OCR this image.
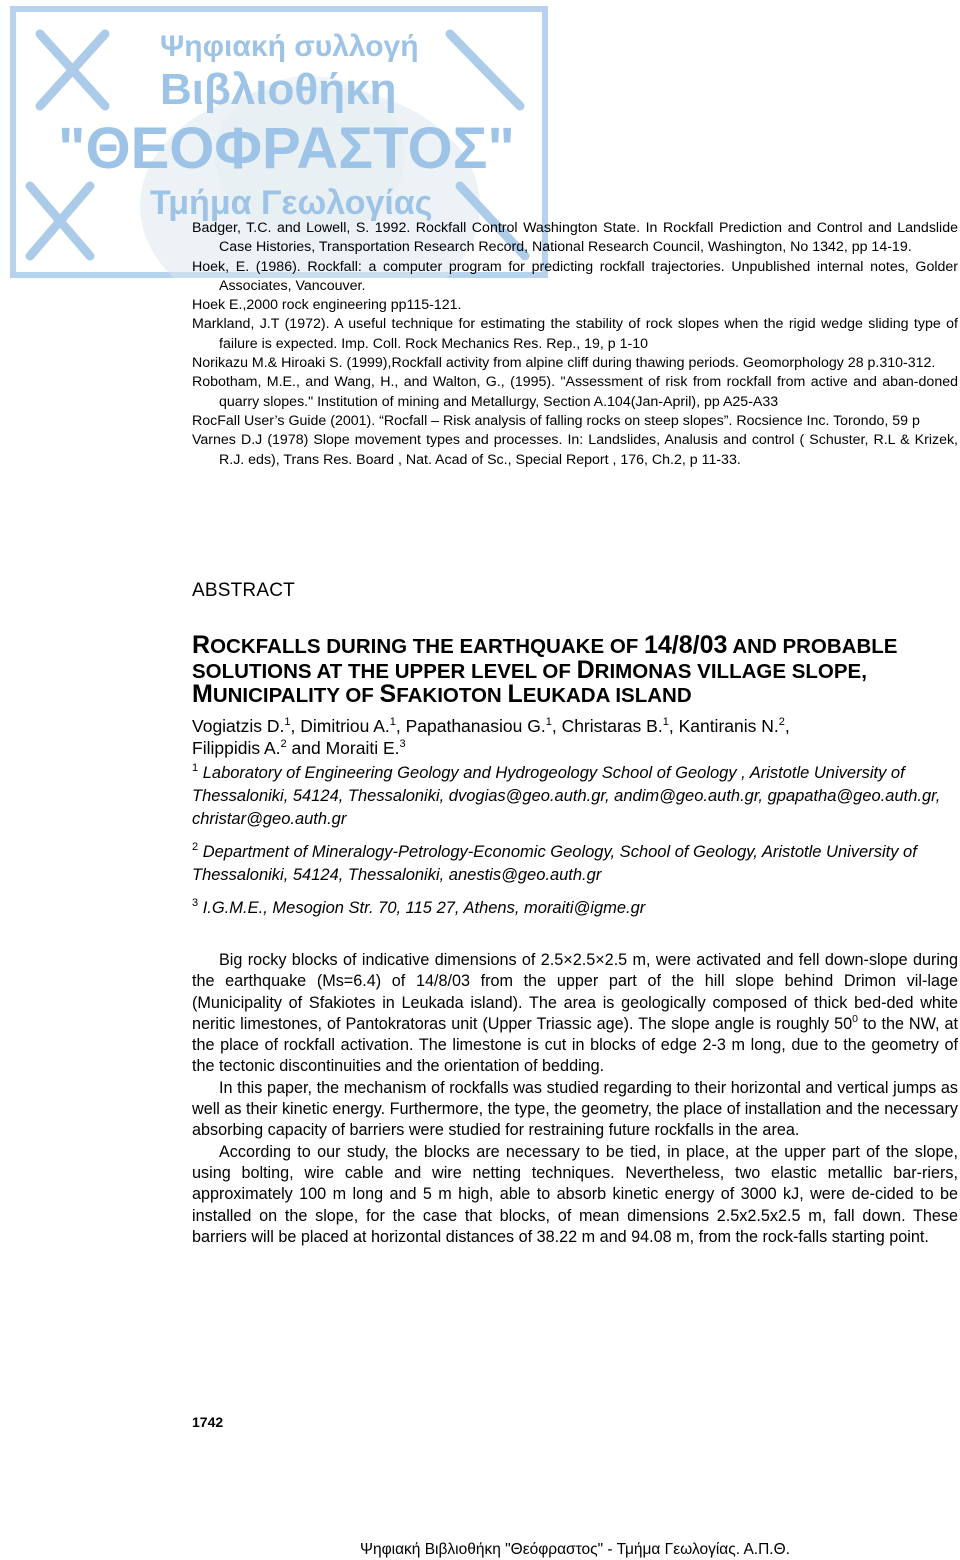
Ψηφιακή συλλογή
Βιβλιοθήκη
"ΘΕΟΦΡΑΣΤΟΣ"
Τμήμα Γεωλογίας

Badger, T.C. and Lowell, S. 1992. Rockfall Control Washington State. In Rockfall Prediction and Control and Landslide Case Histories, Transportation Research Record, National Research Council, Washington, No 1342, pp 14-19.

Hoek, E. (1986). Rockfall: a computer program for predicting rockfall trajectories. Unpublished internal notes, Golder Associates, Vancouver.

Hoek E.,2000 rock engineering pp115-121.

Markland, J.T (1972). A useful technique for estimating the stability of rock slopes when the rigid wedge sliding type of failure is expected. Imp. Coll. Rock Mechanics Res. Rep., 19, p 1-10

Norikazu M.& Hiroaki S. (1999),Rockfall activity from alpine cliff during thawing periods. Geomorphology 28 p.310-312.

Robotham, M.E., and Wang, H., and Walton, G., (1995). "Assessment of risk from rockfall from active and aban-doned quarry slopes." Institution of mining and Metallurgy, Section A.104(Jan-April), pp A25-A33

RocFall User’s Guide (2001). “Rocfall – Risk analysis of falling rocks on steep slopes”. Rocsience Inc. Torondo, 59 p

Varnes D.J (1978) Slope movement types and processes. In: Landslides, Analusis and control ( Schuster, R.L & Krizek, R.J. eds), Trans Res. Board , Nat. Acad of Sc., Special Report , 176, Ch.2, p 11-33.

ABSTRACT
ROCKFALLS DURING THE EARTHQUAKE OF 14/8/03 AND PROBABLE
SOLUTIONS AT THE UPPER LEVEL OF DRIMONAS VILLAGE SLOPE,
MUNICIPALITY OF SFAKIOTON LEUKADA ISLAND
Vogiatzis D.$^1$, Dimitriou A.$^1$, Papathanasiou G.$^1$, Christaras B.$^1$, Kantiranis N.$^2$,
Filippidis A.$^2$ and Moraiti E.$^3$
$^1$ Laboratory of Engineering Geology and Hydrogeology School of Geology , Aristotle University of Thessaloniki, 54124, Thessaloniki, dvogias@geo.auth.gr, andim@geo.auth.gr, gpapatha@geo.auth.gr, christar@geo.auth.gr
$^2$ Department of Mineralogy-Petrology-Economic Geology, School of Geology, Aristotle University of Thessaloniki, 54124, Thessaloniki, anestis@geo.auth.gr
$^3$ I.G.M.E., Mesogion Str. 70, 115 27, Athens, moraiti@igme.gr

Big rocky blocks of indicative dimensions of 2.5×2.5×2.5 m, were activated and fell down-slope during the earthquake (Ms=6.4) of 14/8/03 from the upper part of the hill slope behind Drimon vil-lage (Municipality of Sfakiotes in Leukada island). The area is geologically composed of thick bed-ded white neritic limestones, of Pantokratoras unit (Upper Triassic age). The slope angle is roughly $50^0$ to the NW, at the place of rockfall activation. The limestone is cut in blocks of edge 2-3 m long, due to the geometry of the tectonic discontinuities and the orientation of bedding.

In this paper, the mechanism of rockfalls was studied regarding to their horizontal and vertical jumps as well as their kinetic energy. Furthermore, the type, the geometry, the place of installation and the necessary absorbing capacity of barriers were studied for restraining future rockfalls in the area.

According to our study, the blocks are necessary to be tied, in place, at the upper part of the slope, using bolting, wire cable and wire netting techniques. Nevertheless, two elastic metallic bar-riers, approximately 100 m long and 5 m high, able to absorb kinetic energy of 3000 kJ, were de-cided to be installed on the slope, for the case that blocks, of mean dimensions 2.5x2.5x2.5 m, fall down. These barriers will be placed at horizontal distances of 38.22 m and 94.08 m, from the rock-falls starting point.

1742
Ψηφιακή Βιβλιοθήκη "Θεόφραστος" - Τμήμα Γεωλογίας. Α.Π.Θ.
